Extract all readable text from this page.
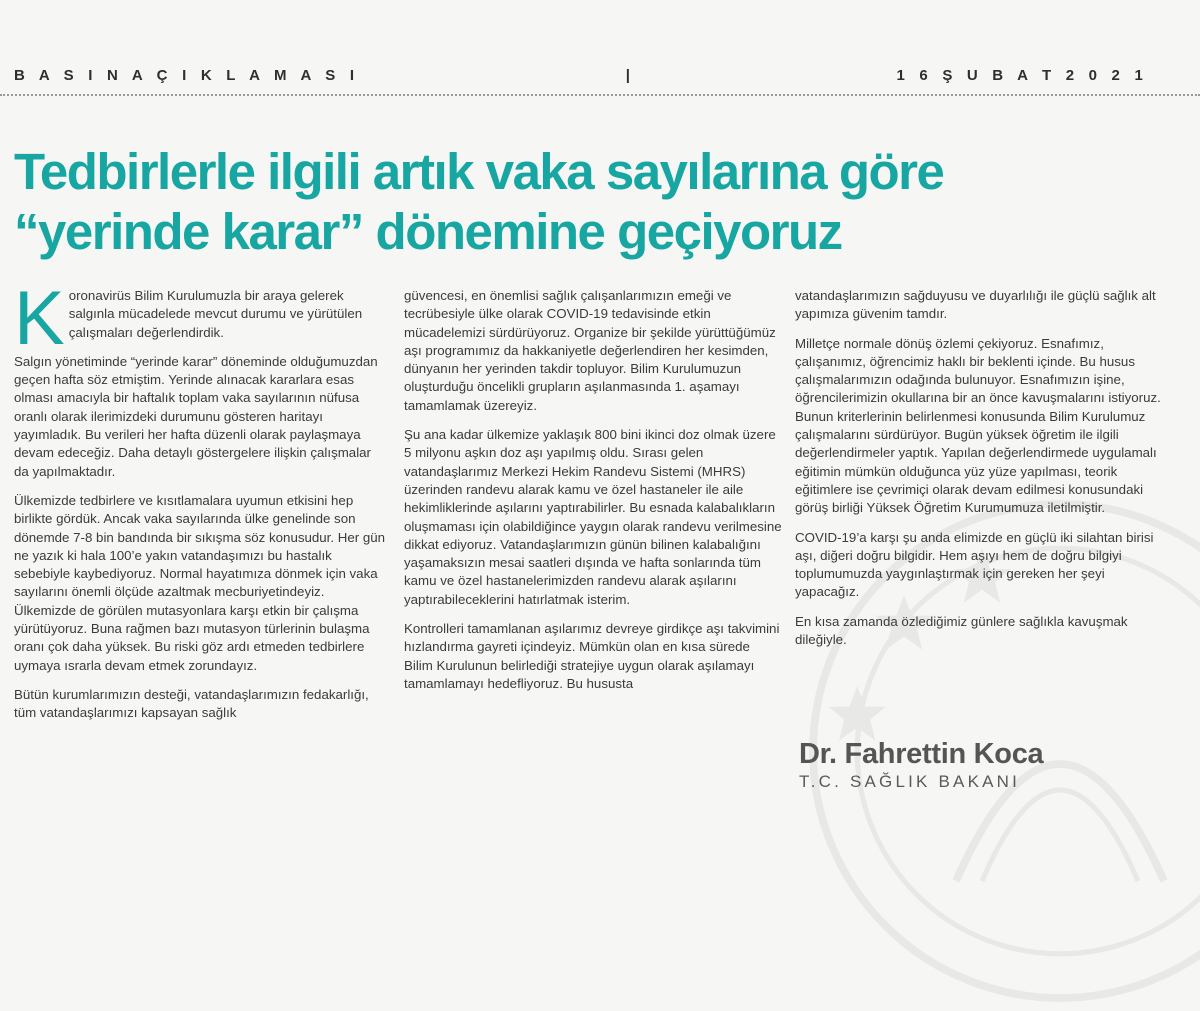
B A S I N A Ç I K L A M A S I	|	1 6 Ş U B A T 2 0 2 1
Tedbirlerle ilgili artık vaka sayılarına göre
“yerinde karar” dönemine geçiyoruz

Koronavirüs Bilim Kurulumuzla bir araya gelerek salgınla mücadelede mevcut durumu ve yürütülen çalışmaları değerlendirdik.

Salgın yönetiminde “yerinde karar” döneminde olduğumuzdan geçen hafta söz etmiştim. Yerinde alınacak kararlara esas olması amacıyla bir haftalık toplam vaka sayılarının nüfusa oranlı olarak ilerimizdeki durumunu gösteren haritayı yayımladık. Bu verileri her hafta düzenli olarak paylaşmaya devam edeceğiz. Daha detaylı göstergelere ilişkin çalışmalar da yapılmaktadır.

Ülkemizde tedbirlere ve kısıtlamalara uyumun etkisini hep birlikte gördük. Ancak vaka sayılarında ülke genelinde son dönemde 7-8 bin bandında bir sıkışma söz konusudur. Her gün ne yazık ki hala 100’e yakın vatandaşımızı bu hastalık sebebiyle kaybediyoruz. Normal hayatımıza dönmek için vaka sayılarını önemli ölçüde azaltmak mecburiyetindeyiz. Ülkemizde de görülen mutasyonlara karşı etkin bir çalışma yürütüyoruz. Buna rağmen bazı mutasyon türlerinin bulaşma oranı çok daha yüksek. Bu riski göz ardı etmeden tedbirlere uymaya ısrarla devam etmek zorundayız.

Bütün kurumlarımızın desteği, vatandaşlarımızın fedakarlığı, tüm vatandaşlarımızı kapsayan sağlık

güvencesi, en önemlisi sağlık çalışanlarımızın emeği ve tecrübesiyle ülke olarak COVID-19 tedavisinde etkin mücadelemizi sürdürüyoruz. Organize bir şekilde yürüttüğümüz aşı programımız da hakkaniyetle değerlendiren her kesimden, dünyanın her yerinden takdir topluyor. Bilim Kurulumuzun oluşturduğu öncelikli grupların aşılanmasında 1. aşamayı tamamlamak üzereyiz.

Şu ana kadar ülkemize yaklaşık 800 bini ikinci doz olmak üzere 5 milyonu aşkın doz aşı yapılmış oldu. Sırası gelen vatandaşlarımız Merkezi Hekim Randevu Sistemi (MHRS) üzerinden randevu alarak kamu ve özel hastaneler ile aile hekimliklerinde aşılarını yaptırabilirler. Bu esnada kalabalıkların oluşmaması için olabildiğince yaygın olarak randevu verilmesine dikkat ediyoruz. Vatandaşlarımızın günün bilinen kalabalığını yaşamaksızın mesai saatleri dışında ve hafta sonlarında tüm kamu ve özel hastanelerimizden randevu alarak aşılarını yaptırabileceklerini hatırlatmak isterim.

Kontrolleri tamamlanan aşılarımız devreye girdikçe aşı takvimini hızlandırma gayreti içindeyiz. Mümkün olan en kısa sürede Bilim Kurulunun belirlediği stratejiye uygun olarak aşılamayı tamamlamayı hedefliyoruz. Bu hususta

vatandaşlarımızın sağduyusu ve duyarlılığı ile güçlü sağlık alt yapımıza güvenim tamdır.

Milletçe normale dönüş özlemi çekiyoruz. Esnafımız, çalışanımız, öğrencimiz haklı bir beklenti içinde. Bu husus çalışmalarımızın odağında bulunuyor. Esnafımızın işine, öğrencilerimizin okullarına bir an önce kavuşmalarını istiyoruz. Bunun kriterlerinin belirlenmesi konusunda Bilim Kurulumuz çalışmalarını sürdürüyor. Bugün yüksek öğretim ile ilgili değerlendirmeler yaptık. Yapılan değerlendirmede uygulamalı eğitimin mümkün olduğunca yüz yüze yapılması, teorik eğitimlere ise çevrimiçi olarak devam edilmesi konusundaki görüş birliği Yüksek Öğretim Kurumumuza iletilmiştir.

COVID-19’a karşı şu anda elimizde en güçlü iki silahtan birisi aşı, diğeri doğru bilgidir. Hem aşıyı hem de doğru bilgiyi toplumumuzda yaygınlaştırmak için gereken her şeyi yapacağız.

En kısa zamanda özlediğimiz günlere sağlıkla kavuşmak dileğiyle.

Dr. Fahrettin Koca
T.C. SAĞLIK BAKANI
